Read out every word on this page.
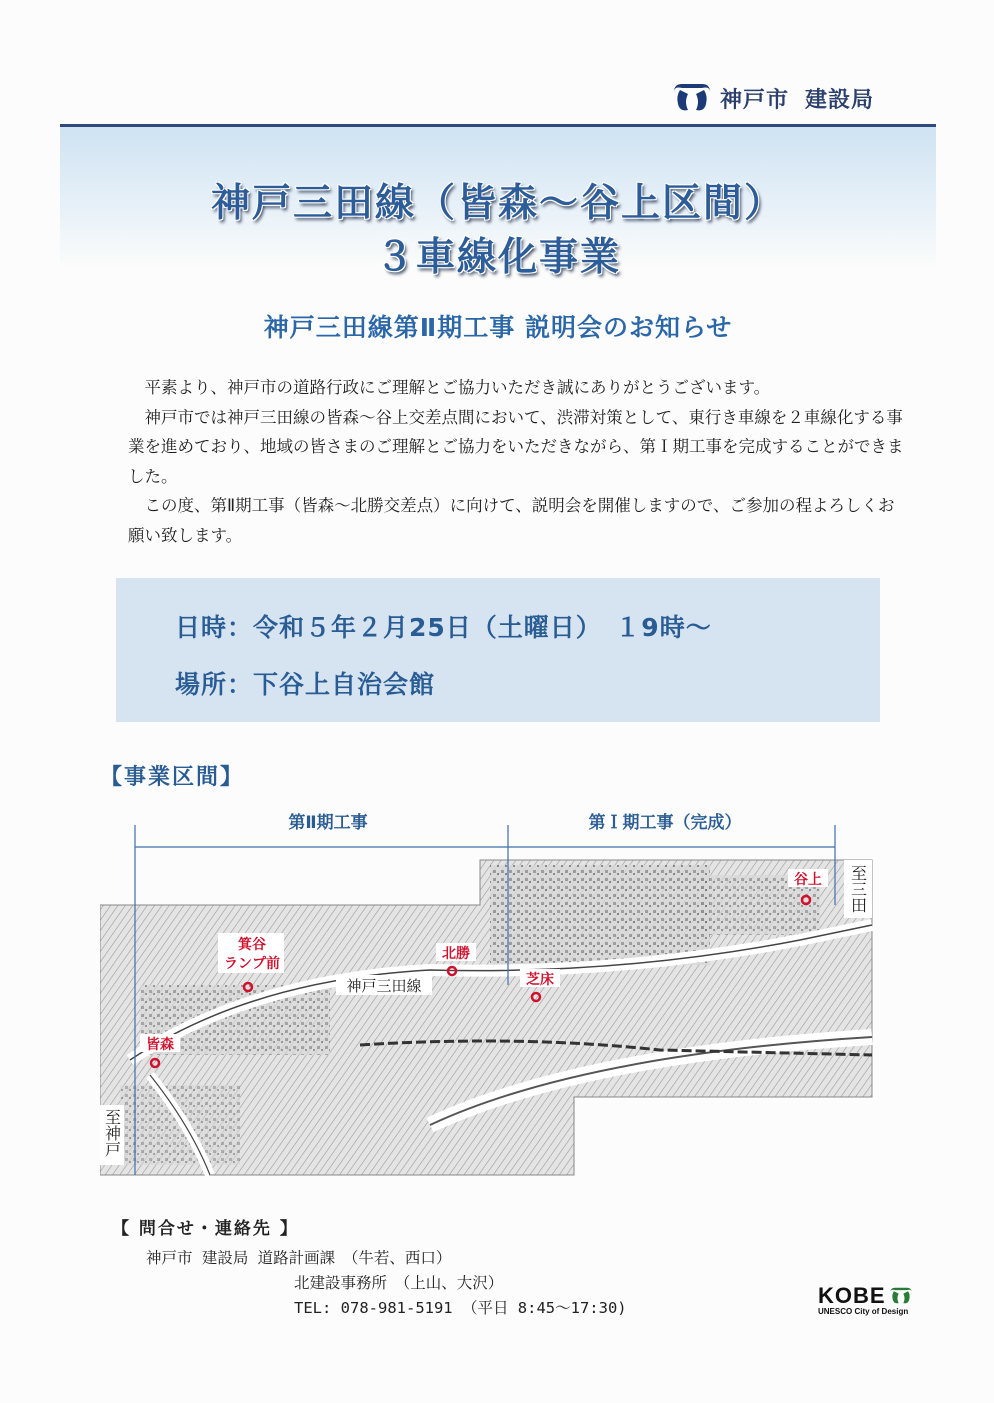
神戸市 建設局
神戸三田線（皆森～谷上区間）
３車線化事業
神戸三田線第Ⅱ期工事 説明会のお知らせ

　平素より、神戸市の道路行政にご理解とご協力いただき誠にありがとうございます。

　神戸市では神戸三田線の皆森～谷上交差点間において、渋滞対策として、東行き車線を２車線化する事業を進めており、地域の皆さまのご理解とご協力をいただきながら、第Ｉ期工事を完成することができました。

　この度、第Ⅱ期工事（皆森～北勝交差点）に向けて、説明会を開催しますので、ご参加の程よろしくお願い致します。

日時：令和５年２月25日（土曜日）　１9時～
場所：下谷上自治会館
【事業区間】
第Ⅱ期工事	第Ｉ期工事（完成）
神戸三田線
至三田
至神戸
皆森
箕谷
ランプ前
北勝
芝床
谷上
【 問合せ・連絡先 】
神戸市 建設局 道路計画課　（牛若、西口）
北建設事務所　（上山、大沢）
TEL: 078-981-5191 （平日 8:45～17:30)	KOBE
UNESCO City of Design
